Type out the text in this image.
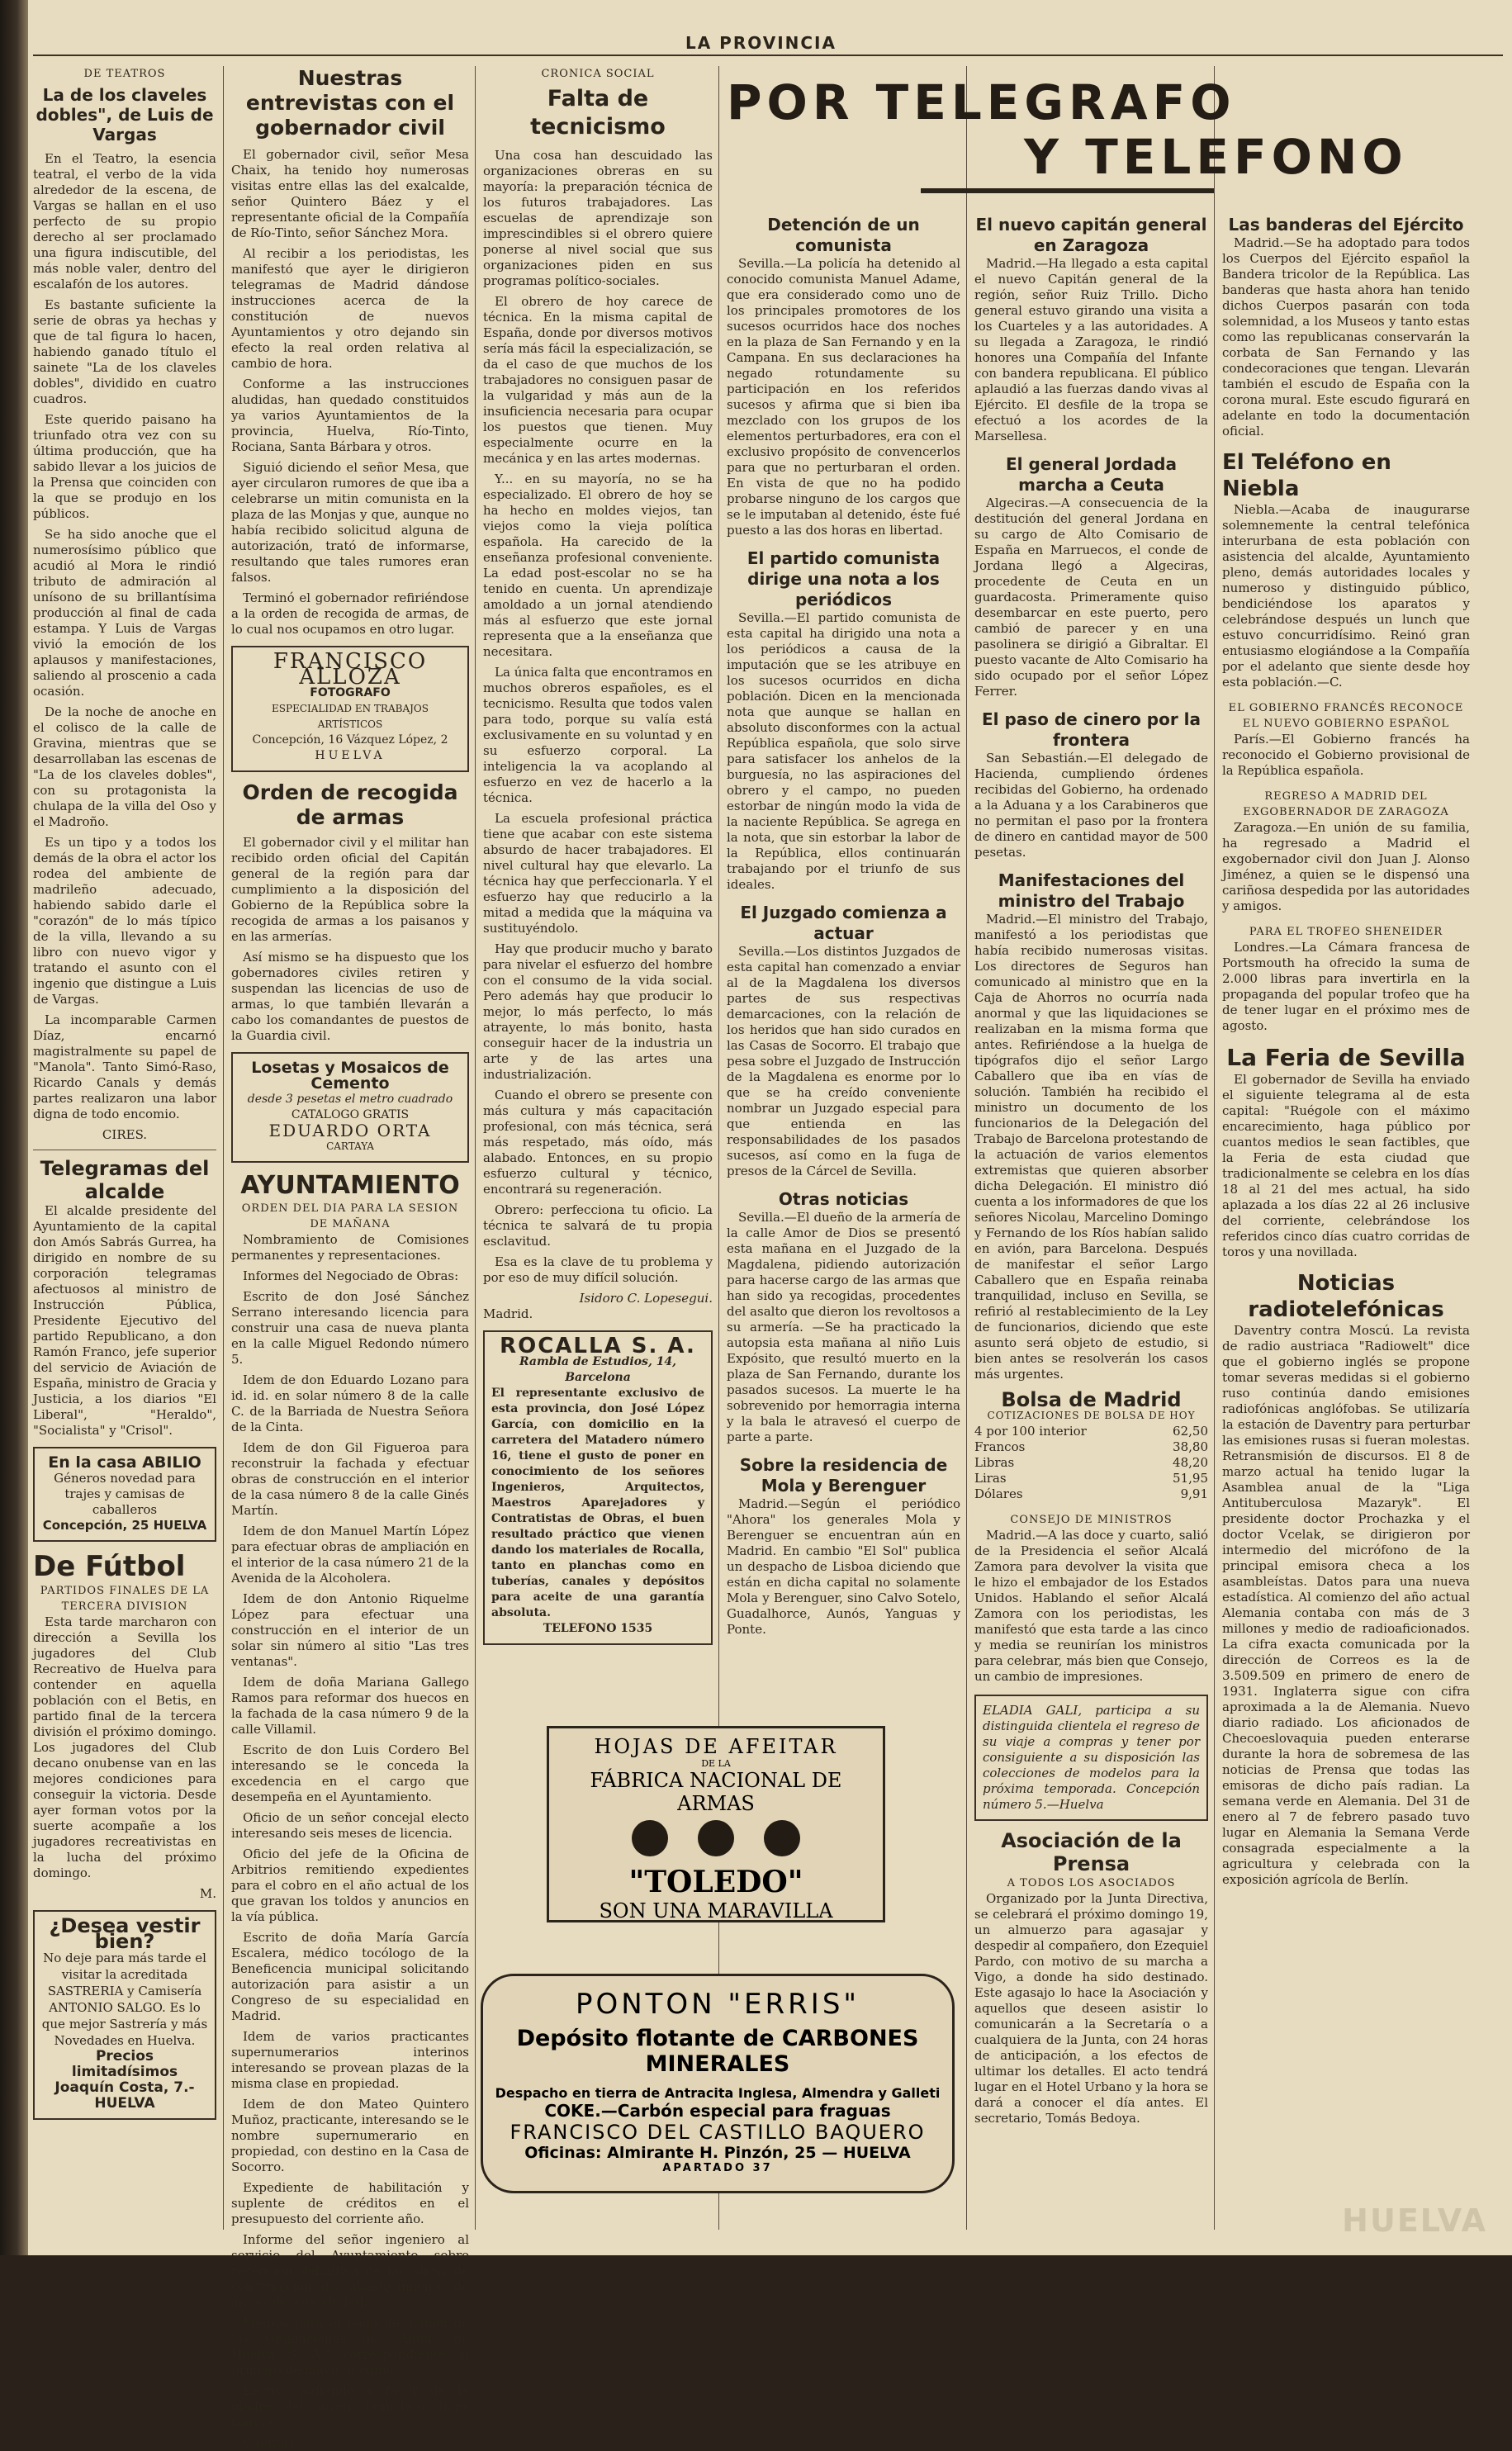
LA PROVINCIA
DE TEATROS
La de los claveles dobles", de Luis de Vargas

En el Teatro, la esencia teatral, el verbo de la vida alrededor de la escena, de Vargas se hallan en el uso perfecto de su propio derecho al ser proclamado una figura indiscutible, del más noble valer, dentro del escalafón de los autores.

Es bastante suficiente la serie de obras ya hechas y que de tal figura lo hacen, habiendo ganado título el sainete "La de los claveles dobles", dividido en cuatro cuadros.

Este querido paisano ha triunfado otra vez con su última producción, que ha sabido llevar a los juicios de la Prensa que coinciden con la que se produjo en los públicos.

Se ha sido anoche que el numerosísimo público que acudió al Mora le rindió tributo de admiración al unísono de su brillantísima producción al final de cada estampa. Y Luis de Vargas vivió la emoción de los aplausos y manifestaciones, saliendo al proscenio a cada ocasión.

De la noche de anoche en el colisco de la calle de Gravina, mientras que se desarrollaban las escenas de "La de los claveles dobles", con su protagonista la chulapa de la villa del Oso y el Madroño.

Es un tipo y a todos los demás de la obra el actor los rodea del ambiente de madrileño adecuado, habiendo sabido darle el "corazón" de lo más típico de la villa, llevando a su libro con nuevo vigor y tratando el asunto con el ingenio que distingue a Luis de Vargas.

La incomparable Carmen Díaz, encarnó magistralmente su papel de "Manola". Tanto Simó-Raso, Ricardo Canals y demás partes realizaron una labor digna de todo encomio.

CIRES.
Telegramas del alcalde

El alcalde presidente del Ayuntamiento de la capital don Amós Sabrás Gurrea, ha dirigido en nombre de su corporación telegramas afectuosos al ministro de Instrucción Pública, Presidente Ejecutivo del partido Republicano, a don Ramón Franco, jefe superior del servicio de Aviación de España, ministro de Gracia y Justicia, a los diarios "El Liberal", "Heraldo", "Socialista" y "Crisol".

En la casa ABILIO
Géneros novedad para trajes y camisas de caballeros
Concepción, 25 HUELVA
De Fútbol
PARTIDOS FINALES DE LA TERCERA DIVISION

Esta tarde marcharon con dirección a Sevilla los jugadores del Club Recreativo de Huelva para contender en aquella población con el Betis, en partido final de la tercera división el próximo domingo. Los jugadores del Club decano onubense van en las mejores condiciones para conseguir la victoria. Desde ayer forman votos por la suerte acompañe a los jugadores recreativistas en la lucha del próximo domingo.

M.
¿Desea vestir bien?
No deje para más tarde el visitar la acreditada SASTRERIA y Camisería ANTONIO SALGO. Es lo que mejor Sastrería y más Novedades en Huelva.
Precios limitadísimos
Joaquín Costa, 7.-HUELVA
Nuestras entrevistas con el gobernador civil

El gobernador civil, señor Mesa Chaix, ha tenido hoy numerosas visitas entre ellas las del exalcalde, señor Quintero Báez y el representante oficial de la Compañía de Río-Tinto, señor Sánchez Mora.

Al recibir a los periodistas, les manifestó que ayer le dirigieron telegramas de Madrid dándose instrucciones acerca de la constitución de nuevos Ayuntamientos y otro dejando sin efecto la real orden relativa al cambio de hora.

Conforme a las instrucciones aludidas, han quedado constituidos ya varios Ayuntamientos de la provincia, Huelva, Río-Tinto, Rociana, Santa Bárbara y otros.

Siguió diciendo el señor Mesa, que ayer circularon rumores de que iba a celebrarse un mitin comunista en la plaza de las Monjas y que, aunque no había recibido solicitud alguna de autorización, trató de informarse, resultando que tales rumores eran falsos.

Terminó el gobernador refiriéndose a la orden de recogida de armas, de lo cual nos ocupamos en otro lugar.

FRANCISCO ALLOZA
FOTOGRAFO
ESPECIALIDAD EN TRABAJOS ARTÍSTICOS
Concepción, 16 Vázquez López, 2
HUELVA
Orden de recogida de armas

El gobernador civil y el militar han recibido orden oficial del Capitán general de la región para dar cumplimiento a la disposición del Gobierno de la República sobre la recogida de armas a los paisanos y en las armerías.

Así mismo se ha dispuesto que los gobernadores civiles retiren y suspendan las licencias de uso de armas, lo que también llevarán a cabo los comandantes de puestos de la Guardia civil.

Losetas y Mosaicos de Cemento
desde 3 pesetas el metro cuadrado
CATALOGO GRATIS
EDUARDO ORTA
CARTAYA
AYUNTAMIENTO
ORDEN DEL DIA PARA LA SESION DE MAÑANA

Nombramiento de Comisiones permanentes y representaciones.

Informes del Negociado de Obras:

Escrito de don José Sánchez Serrano interesando licencia para construir una casa de nueva planta en la calle Miguel Redondo número 5.

Idem de don Eduardo Lozano para id. id. en solar número 8 de la calle C. de la Barriada de Nuestra Señora de la Cinta.

Idem de don Gil Figueroa para reconstruir la fachada y efectuar obras de construcción en el interior de la casa número 8 de la calle Ginés Martín.

Idem de don Manuel Martín López para efectuar obras de ampliación en el interior de la casa número 21 de la Avenida de la Alcoholera.

Idem de don Antonio Riquelme López para efectuar una construcción en el interior de un solar sin número al sitio "Las tres ventanas".

Idem de doña Mariana Gallego Ramos para reformar dos huecos en la fachada de la casa número 9 de la calle Villamil.

Escrito de don Luis Cordero Bel interesando se le conceda la excedencia en el cargo que desempeña en el Ayuntamiento.

Oficio de un señor concejal electo interesando seis meses de licencia.

Oficio del jefe de la Oficina de Arbitrios remitiendo expedientes para el cobro en el año actual de los que gravan los toldos y anuncios en la vía pública.

Escrito de doña María García Escalera, médico tocólogo de la Beneficencia municipal solicitando autorización para asistir a un Congreso de su especialidad en Madrid.

Idem de varios practicantes supernumerarios interinos interesando se provean plazas de la misma clase en propiedad.

Idem de don Mateo Quintero Muñoz, practicante, interesando se le nombre supernumerario en propiedad, con destino en la Casa de Socorro.

Expediente de habilitación y suplente de créditos en el presupuesto del corriente año.

Informe del señor ingeniero al servicio del Ayuntamiento sobre recepción definitiva de las obras de construcción del abastecimiento de aguas de esta ciudad.

Medios para el pago del cupón de las Obligaciones de "Aguas de Huelva S. A." correspondiente al primero de mayo próximo.

Escrito pidiendo a favor de la madre del joven Francisco Boza García.

Cuentas.

CRONICA SOCIAL
Falta de tecnicismo

Una cosa han descuidado las organizaciones obreras en su mayoría: la preparación técnica de los futuros trabajadores. Las escuelas de aprendizaje son imprescindibles si el obrero quiere ponerse al nivel social que sus organizaciones piden en sus programas político-sociales.

El obrero de hoy carece de técnica. En la misma capital de España, donde por diversos motivos sería más fácil la especialización, se da el caso de que muchos de los trabajadores no consiguen pasar de la vulgaridad y más aun de la insuficiencia necesaria para ocupar los puestos que tienen. Muy especialmente ocurre en la mecánica y en las artes modernas.

Y... en su mayoría, no se ha especializado. El obrero de hoy se ha hecho en moldes viejos, tan viejos como la vieja política española. Ha carecido de la enseñanza profesional conveniente. La edad post-escolar no se ha tenido en cuenta. Un aprendizaje amoldado a un jornal atendiendo más al esfuerzo que este jornal representa que a la enseñanza que necesitara.

La única falta que encontramos en muchos obreros españoles, es el tecnicismo. Resulta que todos valen para todo, porque su valía está exclusivamente en su voluntad y en su esfuerzo corporal. La inteligencia la va acoplando al esfuerzo en vez de hacerlo a la técnica.

La escuela profesional práctica tiene que acabar con este sistema absurdo de hacer trabajadores. El nivel cultural hay que elevarlo. La técnica hay que perfeccionarla. Y el esfuerzo hay que reducirlo a la mitad a medida que la máquina va sustituyéndolo.

Hay que producir mucho y barato para nivelar el esfuerzo del hombre con el consumo de la vida social. Pero además hay que producir lo mejor, lo más perfecto, lo más atrayente, lo más bonito, hasta conseguir hacer de la industria un arte y de las artes una industrialización.

Cuando el obrero se presente con más cultura y más capacitación profesional, con más técnica, será más respetado, más oído, más alabado. Entonces, en su propio esfuerzo cultural y técnico, encontrará su regeneración.

Obrero: perfecciona tu oficio. La técnica te salvará de tu propia esclavitud.

Esa es la clave de tu problema y por eso de muy difícil solución.

Isidoro C. Lopesegui.
Madrid.
ROCALLA S. A.
Rambla de Estudios, 14, Barcelona
El representante exclusivo de esta provincia, don José López García, con domicilio en la carretera del Matadero número 16, tiene el gusto de poner en conocimiento de los señores Ingenieros, Arquitectos, Maestros Aparejadores y Contratistas de Obras, el buen resultado práctico que vienen dando los materiales de Rocalla, tanto en planchas como en tuberías, canales y depósitos para aceite de una garantía absoluta.
TELEFONO 1535
POR TELEGRAFO
Y TELEFONO
Detención de un comunista

Sevilla.—La policía ha detenido al conocido comunista Manuel Adame, que era considerado como uno de los principales promotores de los sucesos ocurridos hace dos noches en la plaza de San Fernando y en la Campana. En sus declaraciones ha negado rotundamente su participación en los referidos sucesos y afirma que si bien iba mezclado con los grupos de los elementos perturbadores, era con el exclusivo propósito de convencerlos para que no perturbaran el orden. En vista de que no ha podido probarse ninguno de los cargos que se le imputaban al detenido, éste fué puesto a las dos horas en libertad.

El partido comunista dirige una nota a los periódicos

Sevilla.—El partido comunista de esta capital ha dirigido una nota a los periódicos a causa de la imputación que se les atribuye en los sucesos ocurridos en dicha población. Dicen en la mencionada nota que aunque se hallan en absoluto disconformes con la actual República española, que solo sirve para satisfacer los anhelos de la burguesía, no las aspiraciones del obrero y el campo, no pueden estorbar de ningún modo la vida de la naciente República. Se agrega en la nota, que sin estorbar la labor de la República, ellos continuarán trabajando por el triunfo de sus ideales.

El Juzgado comienza a actuar

Sevilla.—Los distintos Juzgados de esta capital han comenzado a enviar al de la Magdalena los diversos partes de sus respectivas demarcaciones, con la relación de los heridos que han sido curados en las Casas de Socorro. El trabajo que pesa sobre el Juzgado de Instrucción de la Magdalena es enorme por lo que se ha creído conveniente nombrar un Juzgado especial para que entienda en las responsabilidades de los pasados sucesos, así como en la fuga de presos de la Cárcel de Sevilla.

Otras noticias

Sevilla.—El dueño de la armería de la calle Amor de Dios se presentó esta mañana en el Juzgado de la Magdalena, pidiendo autorización para hacerse cargo de las armas que han sido ya recogidas, procedentes del asalto que dieron los revoltosos a su armería. —Se ha practicado la autopsia esta mañana al niño Luis Expósito, que resultó muerto en la plaza de San Fernando, durante los pasados sucesos. La muerte le ha sobrevenido por hemorragia interna y la bala le atravesó el cuerpo de parte a parte.

Sobre la residencia de Mola y Berenguer

Madrid.—Según el periódico "Ahora" los generales Mola y Berenguer se encuentran aún en Madrid. En cambio "El Sol" publica un despacho de Lisboa diciendo que están en dicha capital no solamente Mola y Berenguer, sino Calvo Sotelo, Guadalhorce, Aunós, Yanguas y Ponte.

El nuevo capitán general en Zaragoza

Madrid.—Ha llegado a esta capital el nuevo Capitán general de la región, señor Ruiz Trillo. Dicho general estuvo girando una visita a los Cuarteles y a las autoridades. A su llegada a Zaragoza, le rindió honores una Compañía del Infante con bandera republicana. El público aplaudió a las fuerzas dando vivas al Ejército. El desfile de la tropa se efectuó a los acordes de la Marsellesa.

El general Jordada marcha a Ceuta

Algeciras.—A consecuencia de la destitución del general Jordana en su cargo de Alto Comisario de España en Marruecos, el conde de Jordana llegó a Algeciras, procedente de Ceuta en un guardacosta. Primeramente quiso desembarcar en este puerto, pero cambió de parecer y en una pasolinera se dirigió a Gibraltar. El puesto vacante de Alto Comisario ha sido ocupado por el señor López Ferrer.

El paso de cinero por la frontera

San Sebastián.—El delegado de Hacienda, cumpliendo órdenes recibidas del Gobierno, ha ordenado a la Aduana y a los Carabineros que no permitan el paso por la frontera de dinero en cantidad mayor de 500 pesetas.

Manifestaciones del ministro del Trabajo

Madrid.—El ministro del Trabajo, manifestó a los periodistas que había recibido numerosas visitas. Los directores de Seguros han comunicado al ministro que en la Caja de Ahorros no ocurría nada anormal y que las liquidaciones se realizaban en la misma forma que antes. Refiriéndose a la huelga de tipógrafos dijo el señor Largo Caballero que iba en vías de solución. También ha recibido el ministro un documento de los funcionarios de la Delegación del Trabajo de Barcelona protestando de la actuación de varios elementos extremistas que quieren absorber dicha Delegación. El ministro dió cuenta a los informadores de que los señores Nicolau, Marcelino Domingo y Fernando de los Ríos habían salido en avión, para Barcelona. Después de manifestar el señor Largo Caballero que en España reinaba tranquilidad, incluso en Sevilla, se refirió al restablecimiento de la Ley de funcionarios, diciendo que este asunto será objeto de estudio, si bien antes se resolverán los casos más urgentes.

Bolsa de Madrid
COTIZACIONES DE BOLSA DE HOY
4 por 100 interior	62,50
Francos	38,80
Libras	48,20
Liras	51,95
Dólares	9,91
CONSEJO DE MINISTROS

Madrid.—A las doce y cuarto, salió de la Presidencia el señor Alcalá Zamora para devolver la visita que le hizo el embajador de los Estados Unidos. Hablando el señor Alcalá Zamora con los periodistas, les manifestó que esta tarde a las cinco y media se reunirían los ministros para celebrar, más bien que Consejo, un cambio de impresiones.

ELADIA GALI, participa a su distinguida clientela el regreso de su viaje a compras y tener por consiguiente a su disposición las colecciones de modelos para la próxima temporada. Concepción número 5.—Huelva
Asociación de la Prensa
A TODOS LOS ASOCIADOS

Organizado por la Junta Directiva, se celebrará el próximo domingo 19, un almuerzo para agasajar y despedir al compañero, don Ezequiel Pardo, con motivo de su marcha a Vigo, a donde ha sido destinado. Este agasajo lo hace la Asociación y aquellos que deseen asistir lo comunicarán a la Secretaría o a cualquiera de la Junta, con 24 horas de anticipación, a los efectos de ultimar los detalles. El acto tendrá lugar en el Hotel Urbano y la hora se dará a conocer el día antes. El secretario, Tomás Bedoya.

Las banderas del Ejército

Madrid.—Se ha adoptado para todos los Cuerpos del Ejército español la Bandera tricolor de la República. Las banderas que hasta ahora han tenido dichos Cuerpos pasarán con toda solemnidad, a los Museos y tanto estas como las republicanas conservarán la corbata de San Fernando y las condecoraciones que tengan. Llevarán también el escudo de España con la corona mural. Este escudo figurará en adelante en todo la documentación oficial.

El Teléfono en Niebla

Niebla.—Acaba de inaugurarse solemnemente la central telefónica interurbana de esta población con asistencia del alcalde, Ayuntamiento pleno, demás autoridades locales y numeroso y distinguido público, bendiciéndose los aparatos y celebrándose después un lunch que estuvo concurridísimo. Reinó gran entusiasmo elogiándose a la Compañía por el adelanto que siente desde hoy esta población.—C.

EL GOBIERNO FRANCÉS RECONOCE EL NUEVO GOBIERNO ESPAÑOL

París.—El Gobierno francés ha reconocido el Gobierno provisional de la República española.

REGRESO A MADRID DEL EXGOBERNADOR DE ZARAGOZA

Zaragoza.—En unión de su familia, ha regresado a Madrid el exgobernador civil don Juan J. Alonso Jiménez, a quien se le dispensó una cariñosa despedida por las autoridades y amigos.

PARA EL TROFEO SHENEIDER

Londres.—La Cámara francesa de Portsmouth ha ofrecido la suma de 2.000 libras para invertirla en la propaganda del popular trofeo que ha de tener lugar en el próximo mes de agosto.

La Feria de Sevilla

El gobernador de Sevilla ha enviado el siguiente telegrama al de esta capital: "Ruégole con el máximo encarecimiento, haga público por cuantos medios le sean factibles, que la Feria de esta ciudad que tradicionalmente se celebra en los días 18 al 21 del mes actual, ha sido aplazada a los días 22 al 26 inclusive del corriente, celebrándose los referidos cinco días cuatro corridas de toros y una novillada.

Noticias radiotelefónicas

Daventry contra Moscú. La revista de radio austriaca "Radiowelt" dice que el gobierno inglés se propone tomar severas medidas si el gobierno ruso continúa dando emisiones radiofónicas anglófobas. Se utilizaría la estación de Daventry para perturbar las emisiones rusas si fueran molestas. Retransmisión de discursos. El 8 de marzo actual ha tenido lugar la Asamblea anual de la "Liga Antituberculosa Mazaryk". El presidente doctor Prochazka y el doctor Vcelak, se dirigieron por intermedio del micrófono de la principal emisora checa a los asambleístas. Datos para una nueva estadística. Al comienzo del año actual Alemania contaba con más de 3 millones y medio de radioaficionados. La cifra exacta comunicada por la dirección de Correos es la de 3.509.509 en primero de enero de 1931. Inglaterra sigue con cifra aproximada a la de Alemania. Nuevo diario radiado. Los aficionados de Checoeslovaquia pueden enterarse durante la hora de sobremesa de las noticias de Prensa que todas las emisoras de dicho país radian. La semana verde en Alemania. Del 31 de enero al 7 de febrero pasado tuvo lugar en Alemania la Semana Verde consagrada especialmente a la agricultura y celebrada con la exposición agrícola de Berlín.

HUELVA
HOJAS DE AFEITAR
DE LA
FÁBRICA NACIONAL DE ARMAS
"TOLEDO"
SON UNA MARAVILLA
PONTON "ERRIS"
Depósito flotante de CARBONES MINERALES
Despacho en tierra de Antracita Inglesa, Almendra y Galleti
COKE.—Carbón especial para fraguas
FRANCISCO DEL CASTILLO BAQUERO
Oficinas: Almirante H. Pinzón, 25 — HUELVA
APARTADO 37
